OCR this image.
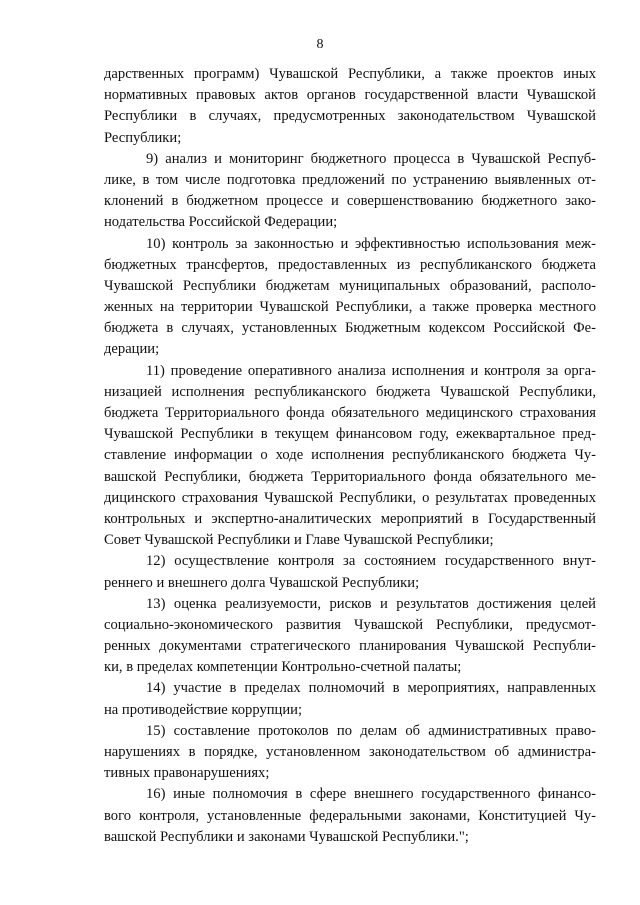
8
дарственных программ) Чувашской Республики, а также проектов иных
нормативных правовых актов органов государственной власти Чувашской
Республики в случаях, предусмотренных законодательством Чувашской
Республики;
9) анализ и мониторинг бюджетного процесса в Чувашской Респуб-
лике, в том числе подготовка предложений по устранению выявленных от-
клонений в бюджетном процессе и совершенствованию бюджетного зако-
нодательства Российской Федерации;
10) контроль за законностью и эффективностью использования меж-
бюджетных трансфертов, предоставленных из республиканского бюджета
Чувашской Республики бюджетам муниципальных образований, располо-
женных на территории Чувашской Республики, а также проверка местного
бюджета в случаях, установленных Бюджетным кодексом Российской Фе-
дерации;
11) проведение оперативного анализа исполнения и контроля за орга-
низацией исполнения республиканского бюджета Чувашской Республики,
бюджета Территориального фонда обязательного медицинского страхования
Чувашской Республики в текущем финансовом году, ежеквартальное пред-
ставление информации о ходе исполнения республиканского бюджета Чу-
вашской Республики, бюджета Территориального фонда обязательного ме-
дицинского страхования Чувашской Республики, о результатах проведенных
контрольных и экспертно-аналитических мероприятий в Государственный
Совет Чувашской Республики и Главе Чувашской Республики;
12) осуществление контроля за состоянием государственного внут-
реннего и внешнего долга Чувашской Республики;
13) оценка реализуемости, рисков и результатов достижения целей
социально-экономического развития Чувашской Республики, предусмот-
ренных документами стратегического планирования Чувашской Республи-
ки, в пределах компетенции Контрольно-счетной палаты;
14) участие в пределах полномочий в мероприятиях, направленных
на противодействие коррупции;
15) составление протоколов по делам об административных право-
нарушениях в порядке, установленном законодательством об администра-
тивных правонарушениях;
16) иные полномочия в сфере внешнего государственного финансо-
вого контроля, установленные федеральными законами, Конституцией Чу-
вашской Республики и законами Чувашской Республики.";
